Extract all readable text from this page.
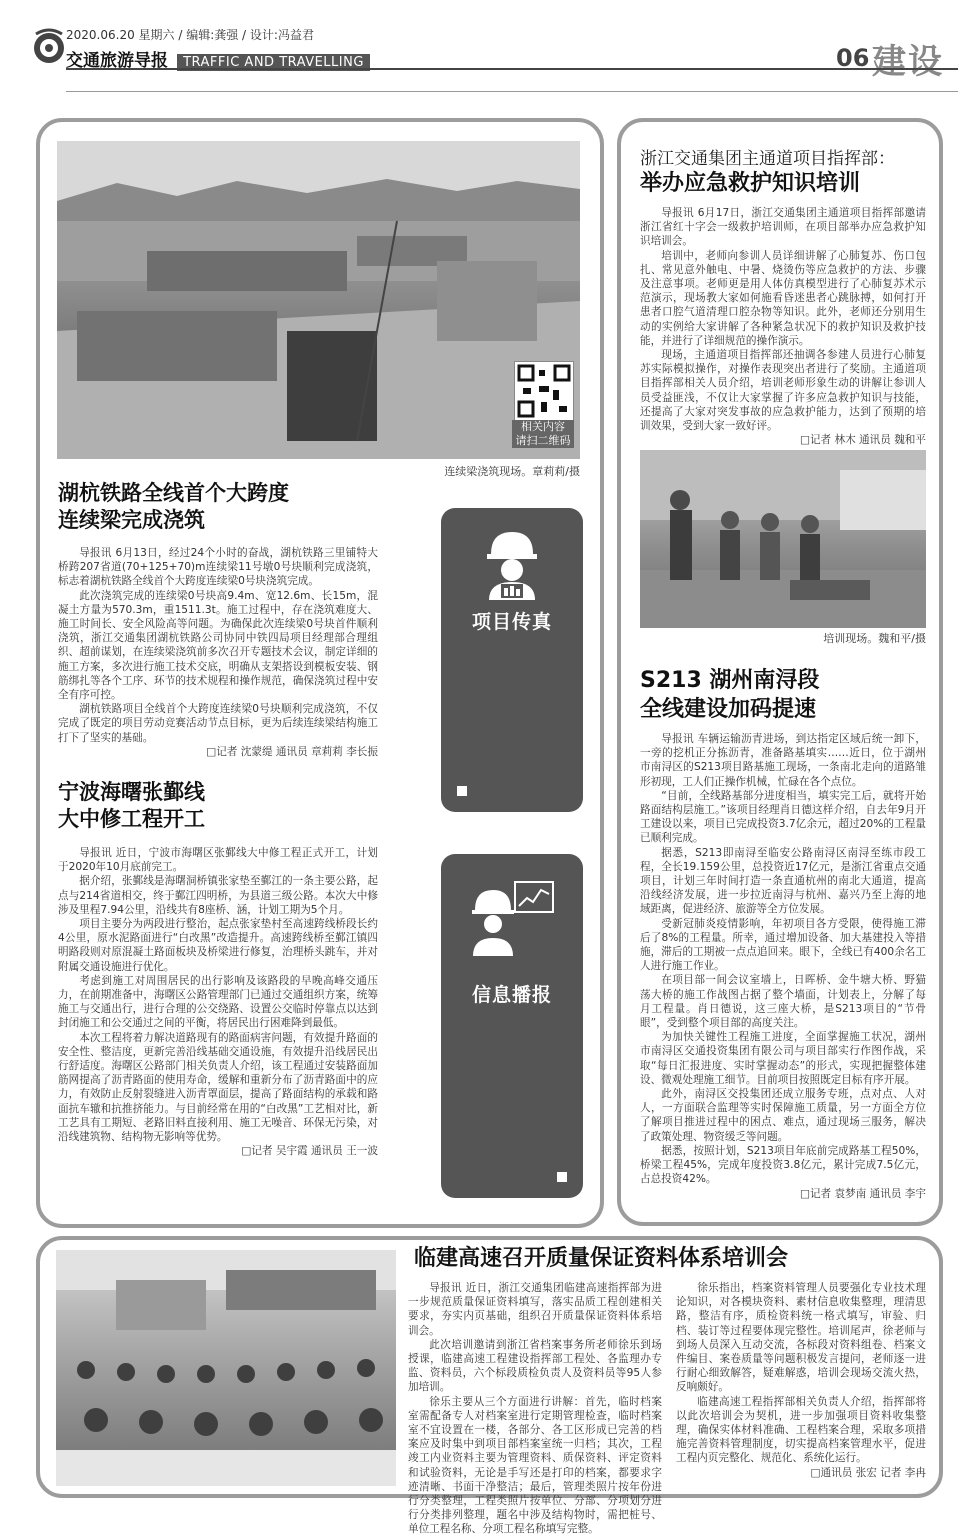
2020.06.20 星期六 / 编辑:龚强 / 设计:冯益君
交通旅游导报 TRAFFIC AND TRAVELLING	06 建设
相关内容
请扫二维码
连续梁浇筑现场。章莉莉/摄
湖杭铁路全线首个大跨度
连续梁完成浇筑

导报讯 6月13日，经过24个小时的奋战，湖杭铁路三里铺特大桥跨207省道(70+125+70)m连续梁11号墩0号块顺利完成浇筑，标志着湖杭铁路全线首个大跨度连续梁0号块浇筑完成。

此次浇筑完成的连续梁0号块高9.4m、宽12.6m、长15m，混凝土方量为570.3m，重1511.3t。施工过程中，存在浇筑难度大、施工时间长、安全风险高等问题。为确保此次连续梁0号块首件顺利浇筑，浙江交通集团湖杭铁路公司协同中铁四局项目经理部合理组织、超前谋划，在连续梁浇筑前多次召开专题技术会议，制定详细的施工方案，多次进行施工技术交底，明确从支架搭设到模板安装、钢筋绑扎等各个工序、环节的技术规程和操作规范，确保浇筑过程中安全有序可控。

湖杭铁路项目全线首个大跨度连续梁0号块顺利完成浇筑，不仅完成了既定的项目劳动竞赛活动节点目标，更为后续连续梁结构施工打下了坚实的基础。

□记者 沈蒙缇 通讯员 章莉莉 李长振
项目传真
宁波海曙张鄞线
大中修工程开工

导报讯 近日，宁波市海曙区张鄞线大中修工程正式开工，计划于2020年10月底前完工。

据介绍，张鄞线是海曙洞桥镇张家垫至鄞江的一条主要公路，起点与214省道相交，终于鄞江四明桥，为县道三级公路。本次大中修涉及里程7.94公里，沿线共有8座桥、涵，计划工期为5个月。

项目主要分为两段进行整治，起点张家垫村至高速跨线桥段长约4公里，原水泥路面进行“白改黑”改造提升。高速跨线桥至鄞江镇四明路段则对原混凝土路面板块及桥梁进行修复，治理桥头跳车，并对附属交通设施进行优化。

考虑到施工对周围居民的出行影响及该路段的早晚高峰交通压力，在前期准备中，海曙区公路管理部门已通过交通组织方案，统筹施工与交通出行，进行合理的公交绕路、设置公交临时停靠点以达到封闭施工和公交通过之间的平衡，将居民出行困难降到最低。

本次工程将着力解决道路现有的路面病害问题，有效提升路面的安全性、整洁度，更新完善沿线基础交通设施，有效提升沿线居民出行舒适度。海曙区公路部门相关负责人介绍，该工程通过安装路面加筋网提高了沥青路面的使用寿命，缓解和重新分布了沥青路面中的应力，有效防止反射裂缝进入沥青罩面层，提高了路面结构的承载和路面抗车辙和抗推挤能力。与目前经常在用的“白改黑”工艺相对比，新工艺具有工期短、老路旧料直接利用、施工无噪音、环保无污染，对沿线建筑物、结构物无影响等优势。

□记者 吴宇霞 通讯员 王一波
信息播报
浙江交通集团主通道项目指挥部：
举办应急救护知识培训

导报讯 6月17日，浙江交通集团主通道项目指挥部邀请浙江省红十字会一级救护培训师，在项目部举办应急救护知识培训会。

培训中，老师向参训人员详细讲解了心肺复苏、伤口包扎、常见意外触电、中暑、烧烫伤等应急救护的方法、步骤及注意事项。老师更是用人体仿真模型进行了心肺复苏术示范演示，现场教大家如何施看昏迷患者心跳脉搏，如何打开患者口腔气道清理口腔杂物等知识。此外，老师还分别用生动的实例给大家讲解了各种紧急状况下的救护知识及救护技能，并进行了详细规范的操作演示。

现场，主通道项目指挥部还抽调各参建人员进行心肺复苏实际模拟操作，对操作表现突出者进行了奖励。主通道项目指挥部相关人员介绍，培训老师形象生动的讲解让参训人员受益匪浅，不仅让大家掌握了许多应急救护知识与技能，还提高了大家对突发事故的应急救护能力，达到了预期的培训效果，受到大家一致好评。

□记者 林木 通讯员 魏和平
培训现场。魏和平/摄
S213 湖州南浔段
全线建设加码提速

导报讯 车辆运输沥青进场，到达指定区域后统一卸下，一旁的挖机正分拣沥青，准备路基填实……近日，位于湖州市南浔区的S213项目路基施工现场，一条南北走向的道路雏形初现，工人们正操作机械，忙碌在各个点位。

“目前，全线路基部分进度相当，填实完工后，就将开始路面结构层施工。”该项目经理肖日德这样介绍，自去年9月开工建设以来，项目已完成投资3.7亿余元，超过20%的工程量已顺利完成。

据悉，S213即南浔至临安公路南浔区南浔至练市段工程，全长19.159公里，总投资近17亿元，是浙江省重点交通项目，计划三年时间打造一条直通杭州的南北大通道，提高沿线经济发展，进一步拉近南浔与杭州、嘉兴乃至上海的地域距离，促进经济、旅游等全方位发展。

受新冠肺炎疫情影响，年初项目各方受限，使得施工滞后了8%的工程量。所幸，通过增加设备、加大基建投入等措施，滞后的工期被一点点追回来。眼下，全线已有400余名工人进行施工作业。

在项目部一间会议室墙上，日晖桥、金牛塘大桥、野猫荡大桥的施工作战图占据了整个墙面，计划表上，分解了每月工程量。肖日德说，这三座大桥，是S213项目的“节骨眼”，受到整个项目部的高度关注。

为加快关键性工程施工进度，全面掌握施工状况，湖州市南浔区交通投资集团有限公司与项目部实行作图作战，采取“每日汇报进度、实时掌握动态”的形式，实现把握整体建设、微观处理施工细节。目前项目按照既定目标有序开展。

此外，南浔区交投集团还成立服务专班，点对点、人对人，一方面联合监理等实时保障施工质量，另一方面全方位了解项目推进过程中的困点、难点，通过现场三服务，解决了政策处理、物资缓乏等问题。

据悉，按照计划，S213项目年底前完成路基工程50%，桥梁工程45%，完成年度投资3.8亿元，累计完成7.5亿元，占总投资42%。

□记者 袁梦南 通讯员 李宇
临建高速召开质量保证资料体系培训会

导报讯 近日，浙江交通集团临建高速指挥部为进一步规范质量保证资料填写，落实品质工程创建相关要求，夯实内页基础，组织召开质量保证资料体系培训会。

此次培训邀请到浙江省档案事务所老师徐乐到场授课，临建高速工程建设指挥部工程处、各监理办专监、资料员，六个标段质检负责人及资料员等95人参加培训。

徐乐主要从三个方面进行讲解：首先，临时档案室需配备专人对档案室进行定期管理检查，临时档案室不宜设置在一楼，各部分、各工区形成已完善的档案应及时集中到项目部档案室统一归档；其次，工程竣工内业资料主要为管理资料、质保资料、评定资料和试验资料，无论是手写还是打印的档案，都要求字迹清晰、书面干净整洁；最后，管理类照片按年份进行分类整理，工程类照片按单位、分部、分项划分进行分类排列整理，题名中涉及结构物时，需把桩号、单位工程名称、分项工程名称填写完整。

徐乐指出，档案资料管理人员要强化专业技术理论知识，对各模块资料、素材信息收集整理，理清思路，整洁有序，质检资料统一格式填写，审验、归档、装订等过程要体现完整性。培训尾声，徐老师与到场人员深入互动交流，各标段对资料组卷、档案文件编目、案卷质量等问题积极发言提问，老师逐一进行耐心细致解答，疑难解惑，培训会现场交流火热，反响颇好。

临建高速工程指挥部相关负责人介绍，指挥部将以此次培训会为契机，进一步加强项目资料收集整理，确保实体材料准确、工程档案合理，采取多项措施完善资料管理制度，切实提高档案管理水平，促进工程内页完整化、规范化、系统化运行。

□通讯员 张宏 记者 李冉
